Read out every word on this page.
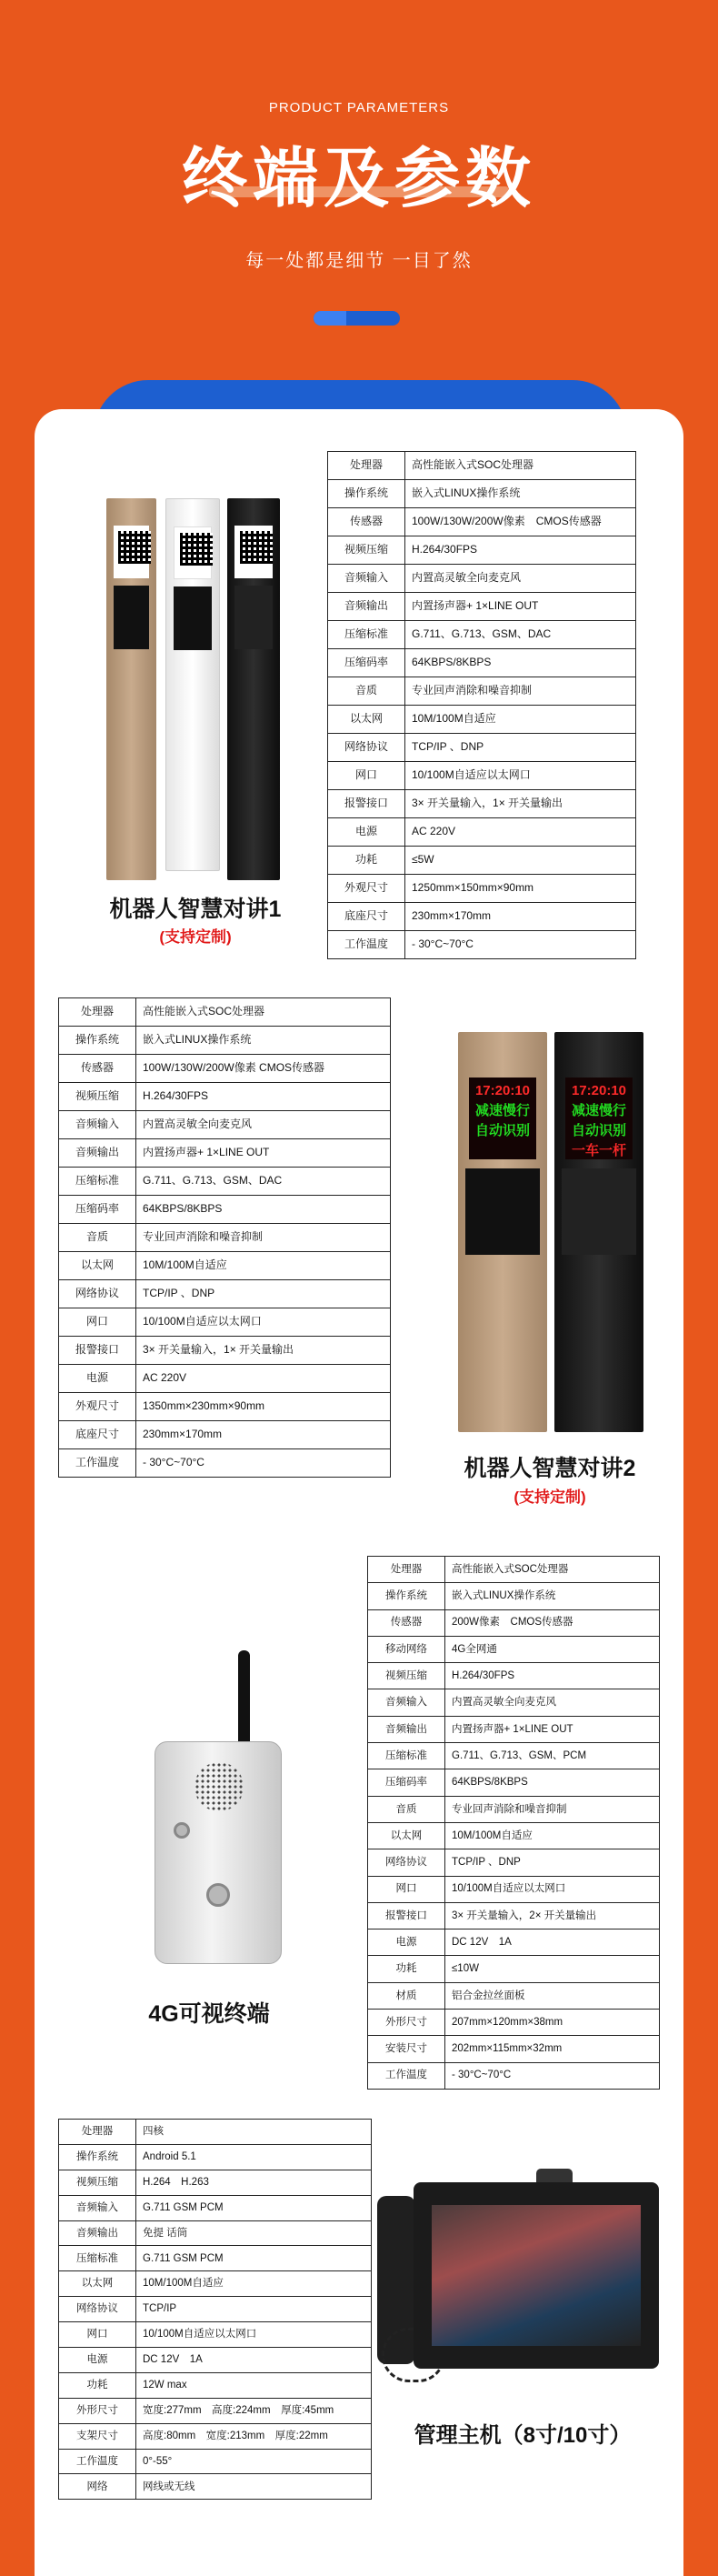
PRODUCT PARAMETERS
终端及参数
每一处都是细节 一目了然
机器人智慧对讲1
(支持定制)
处理器	高性能嵌入式SOC处理器
操作系统	嵌入式LINUX操作系统
传感器	100W/130W/200W像素　CMOS传感器
视频压缩	H.264/30FPS
音频输入	内置高灵敏全向麦克风
音频输出	内置扬声器+ 1×LINE OUT
压缩标准	G.711、G.713、GSM、DAC
压缩码率	64KBPS/8KBPS
音质	专业回声消除和噪音抑制
以太网	10M/100M自适应
网络协议	TCP/IP 、DNP
网口	10/100M自适应以太网口
报警接口	3× 开关量输入，1× 开关量输出
电源	AC 220V
功耗	≤5W
外观尺寸	1250mm×150mm×90mm
底座尺寸	230mm×170mm
工作温度	- 30°C~70°C
17:20:10
减速慢行
自动识别
17:20:10
减速慢行
自动识别
一车一杆
机器人智慧对讲2
(支持定制)
处理器	高性能嵌入式SOC处理器
操作系统	嵌入式LINUX操作系统
传感器	100W/130W/200W像素 CMOS传感器
视频压缩	H.264/30FPS
音频输入	内置高灵敏全向麦克风
音频输出	内置扬声器+ 1×LINE OUT
压缩标准	G.711、G.713、GSM、DAC
压缩码率	64KBPS/8KBPS
音质	专业回声消除和噪音抑制
以太网	10M/100M自适应
网络协议	TCP/IP 、DNP
网口	10/100M自适应以太网口
报警接口	3× 开关量输入，1× 开关量输出
电源	AC 220V
外观尺寸	1350mm×230mm×90mm
底座尺寸	230mm×170mm
工作温度	- 30°C~70°C
4G可视终端
处理器	高性能嵌入式SOC处理器
操作系统	嵌入式LINUX操作系统
传感器	200W像素　CMOS传感器
移动网络	4G全网通
视频压缩	H.264/30FPS
音频输入	内置高灵敏全向麦克风
音频输出	内置扬声器+ 1×LINE OUT
压缩标准	G.711、G.713、GSM、PCM
压缩码率	64KBPS/8KBPS
音质	专业回声消除和噪音抑制
以太网	10M/100M自适应
网络协议	TCP/IP 、DNP
网口	10/100M自适应以太网口
报警接口	3× 开关量输入，2× 开关量输出
电源	DC 12V　1A
功耗	≤10W
材质	铝合金拉丝面板
外形尺寸	207mm×120mm×38mm
安装尺寸	202mm×115mm×32mm
工作温度	- 30°C~70°C
管理主机（8寸/10寸）
处理器	四核
操作系统	Android 5.1
视频压缩	H.264　H.263
音频输入	G.711 GSM PCM
音频输出	免提 话筒
压缩标准	G.711 GSM PCM
以太网	10M/100M自适应
网络协议	TCP/IP
网口	10/100M自适应以太网口
电源	DC 12V　1A
功耗	12W max
外形尺寸	宽度:277mm　高度:224mm　厚度:45mm
支架尺寸	高度:80mm　宽度:213mm　厚度:22mm
工作温度	0°-55°
网络	网线或无线
